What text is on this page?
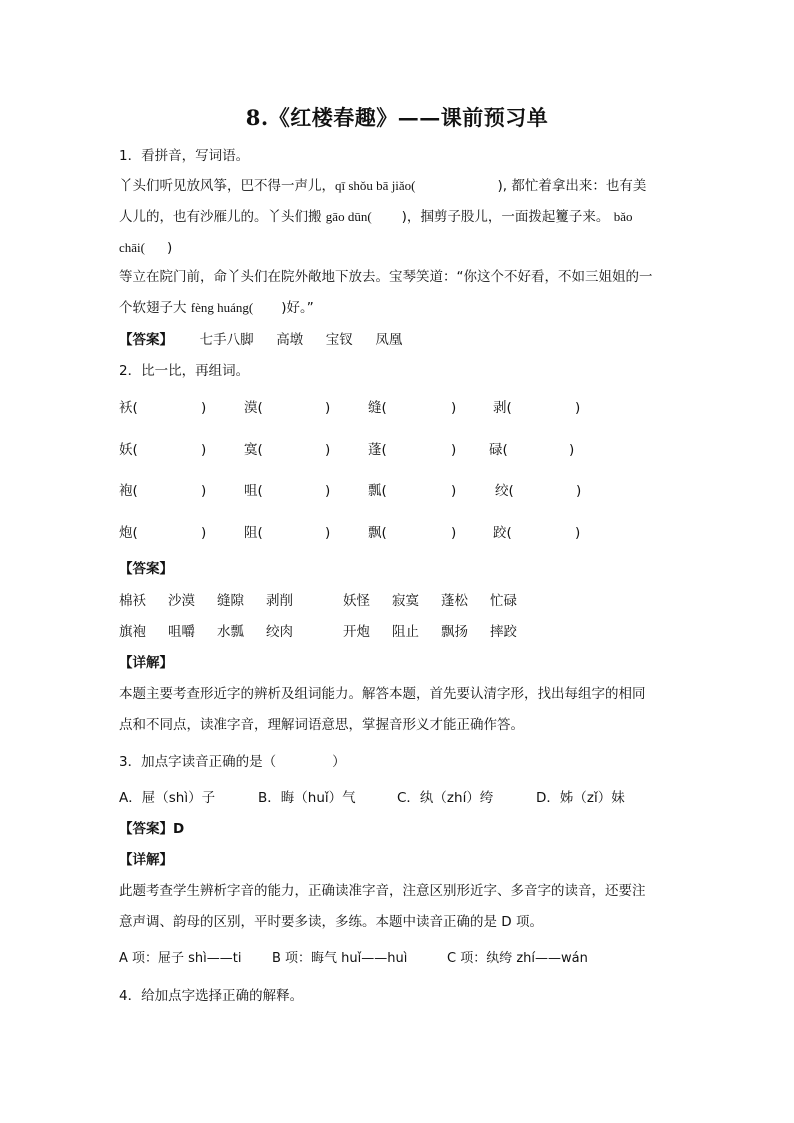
8.《红楼春趣》——课前预习单
1．看拼音，写词语。
丫头们听见放风筝，巴不得一声儿，qī shǒu bā jiǎo(	), 都忙着拿出来：也有美
人儿的，也有沙雁儿的。丫头们搬 gāo dūn( )，掴剪子股儿，一面拨起籰子来。 bǎo
chāi( )
等立在院门前，命丫头们在院外敞地下放去。宝琴笑道：“你这个不好看，不如三姐姐的一
个软翅子大 fèng huáng( )好。”
【答案】 七手八脚 高墩 宝钗 凤凰
2．比一比，再组词。
袄(	)	漠(	)	缝(	)	剥(	)
妖(	)	寞(	)	蓬(	) 碌(	)
袍(	)	咀(	)	瓢(	)	绞(	)
炮(	)	阻(	)	飘(	)	跤(	)
【答案】
棉袄 沙漠 缝隙 剥削	妖怪 寂寞 蓬松 忙碌
旗袍 咀嚼 水瓢 绞肉	开炮 阻止 飘扬 摔跤
【详解】
本题主要考查形近字的辨析及组词能力。解答本题，首先要认清字形，找出每组字的相同
点和不同点，读准字音，理解词语意思，掌握音形义才能正确作答。
3．加点字读音正确的是（	）
A．屉（shì）子	B．晦（huǐ）气	C．纨（zhí）绔	D．姊（zǐ）妹
【答案】D
【详解】
此题考查学生辨析字音的能力，正确读准字音，注意区别形近字、多音字的读音，还要注
意声调、韵母的区别，平时要多读，多练。本题中读音正确的是 D 项。
A 项：屉子 shì——ti B 项：晦气 huǐ——huì	C 项：纨绔 zhí——wán
4．给加点字选择正确的解释。
